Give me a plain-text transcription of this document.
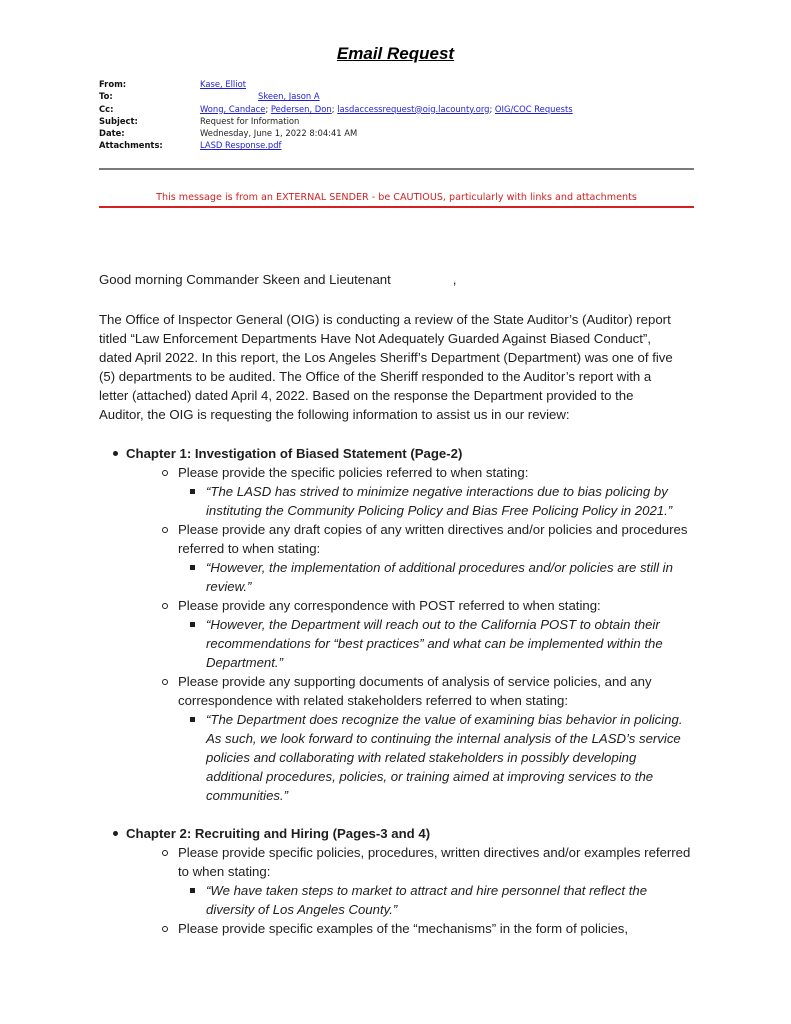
Email Request
From:	Kase, Elliot
To:	Skeen, Jason A
Cc:	Wong, Candace; Pedersen, Don; lasdaccessrequest@oig.lacounty.org; OIG/COC Requests
Subject:	Request for Information
Date:	Wednesday, June 1, 2022 8:04:41 AM
Attachments:	LASD Response.pdf
This message is from an EXTERNAL SENDER - be CAUTIOUS, particularly with links and attachments

Good morning Commander Skeen and Lieutenant	,

The Office of Inspector General (OIG) is conducting a review of the State Auditor’s (Auditor) report titled “Law Enforcement Departments Have Not Adequately Guarded Against Biased Conduct”, dated April 2022. In this report, the Los Angeles Sheriff’s Department (Department) was one of five (5) departments to be audited. The Office of the Sheriff responded to the Auditor’s report with a letter (attached) dated April 4, 2022. Based on the response the Department provided to the Auditor, the OIG is requesting the following information to assist us in our review:

Chapter 1: Investigation of Biased Statement (Page-2)
Please provide the specific policies referred to when stating:
“The LASD has strived to minimize negative interactions due to bias policing by instituting the Community Policing Policy and Bias Free Policing Policy in 2021.”
Please provide any draft copies of any written directives and/or policies and procedures referred to when stating:
“However, the implementation of additional procedures and/or policies are still in review.”
Please provide any correspondence with POST referred to when stating:
“However, the Department will reach out to the California POST to obtain their recommendations for “best practices” and what can be implemented within the Department.”
Please provide any supporting documents of analysis of service policies, and any correspondence with related stakeholders referred to when stating:
“The Department does recognize the value of examining bias behavior in policing. As such, we look forward to continuing the internal analysis of the LASD’s service policies and collaborating with related stakeholders in possibly developing additional procedures, policies, or training aimed at improving services to the communities.”
Chapter 2: Recruiting and Hiring (Pages-3 and 4)
Please provide specific policies, procedures, written directives and/or examples referred to when stating:
“We have taken steps to market to attract and hire personnel that reflect the diversity of Los Angeles County.”
Please provide specific examples of the “mechanisms” in the form of policies,
